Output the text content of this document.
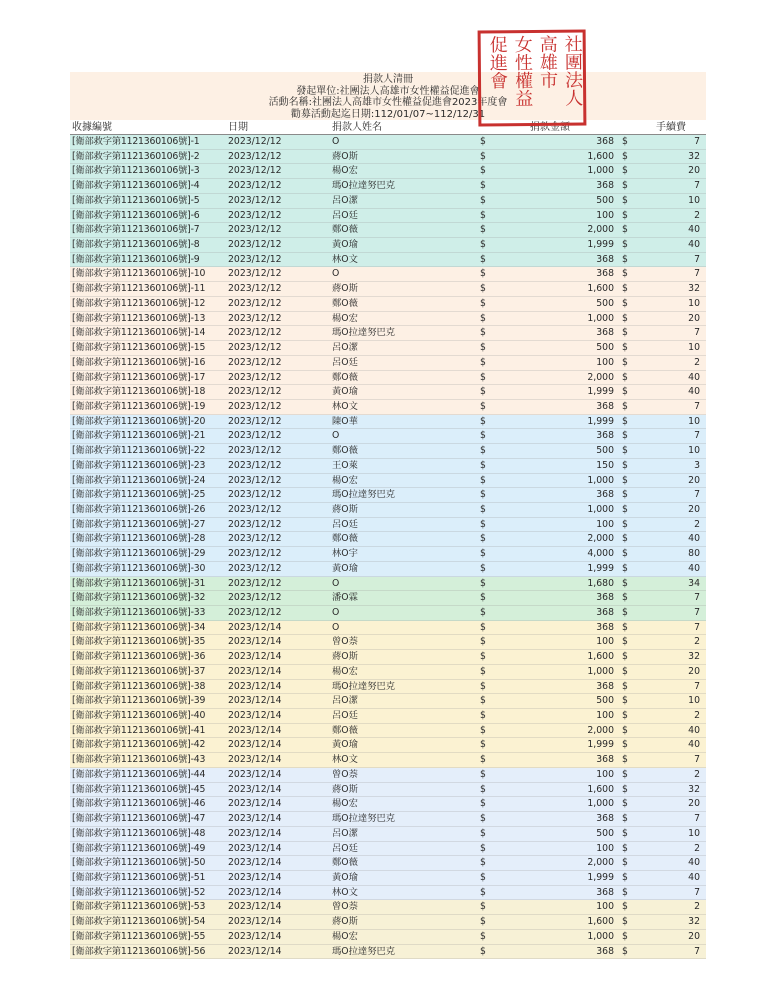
捐款人清冊
發起單位:社團法人高雄市女性權益促進會
活動名稱:社團法人高雄市女性權益促進會2023年度會
勸募活動起迄日期:112/01/07~112/12/31
收據編號	日期	捐款人姓名	捐款金額	手續費
[衛部救字第1121360106號]-1	2023/12/12	O	$	368 $	7
[衛部救字第1121360106號]-2	2023/12/12	蔣O斯	$	1,600 $	32
[衛部救字第1121360106號]-3	2023/12/12	楊O宏	$	1,000 $	20
[衛部救字第1121360106號]-4	2023/12/12	瑪O拉達努巴克	$	368 $	7
[衛部救字第1121360106號]-5	2023/12/12	呂O潔	$	500 $	10
[衛部救字第1121360106號]-6	2023/12/12	呂O廷	$	100 $	2
[衛部救字第1121360106號]-7	2023/12/12	鄭O薇	$	2,000 $	40
[衛部救字第1121360106號]-8	2023/12/12	黃O瑜	$	1,999 $	40
[衛部救字第1121360106號]-9	2023/12/12	林O文	$	368 $	7
[衛部救字第1121360106號]-10 2023/12/12	O	$	368 $	7
[衛部救字第1121360106號]-11 2023/12/12	蔣O斯	$	1,600 $	32
[衛部救字第1121360106號]-12 2023/12/12	鄭O薇	$	500 $	10
[衛部救字第1121360106號]-13 2023/12/12	楊O宏	$	1,000 $	20
[衛部救字第1121360106號]-14 2023/12/12	瑪O拉達努巴克	$	368 $	7
[衛部救字第1121360106號]-15 2023/12/12	呂O潔	$	500 $	10
[衛部救字第1121360106號]-16 2023/12/12	呂O廷	$	100 $	2
[衛部救字第1121360106號]-17 2023/12/12	鄭O薇	$	2,000 $	40
[衛部救字第1121360106號]-18 2023/12/12	黃O瑜	$	1,999 $	40
[衛部救字第1121360106號]-19 2023/12/12	林O文	$	368 $	7
[衛部救字第1121360106號]-20 2023/12/12	陳O華	$	1,999 $	10
[衛部救字第1121360106號]-21 2023/12/12	O	$	368 $	7
[衛部救字第1121360106號]-22 2023/12/12	鄭O薇	$	500 $	10
[衛部救字第1121360106號]-23 2023/12/12	王O萊	$	150 $	3
[衛部救字第1121360106號]-24 2023/12/12	楊O宏	$	1,000 $	20
[衛部救字第1121360106號]-25 2023/12/12	瑪O拉達努巴克	$	368 $	7
[衛部救字第1121360106號]-26 2023/12/12	蔣O斯	$	1,000 $	20
[衛部救字第1121360106號]-27 2023/12/12	呂O廷	$	100 $	2
[衛部救字第1121360106號]-28 2023/12/12	鄭O薇	$	2,000 $	40
[衛部救字第1121360106號]-29 2023/12/12	林O宇	$	4,000 $	80
[衛部救字第1121360106號]-30 2023/12/12	黃O瑜	$	1,999 $	40
[衛部救字第1121360106號]-31 2023/12/12	O	$	1,680 $	34
[衛部救字第1121360106號]-32 2023/12/12	潘O霖	$	368 $	7
[衛部救字第1121360106號]-33 2023/12/12	O	$	368 $	7
[衛部救字第1121360106號]-34 2023/12/14	O	$	368 $	7
[衛部救字第1121360106號]-35 2023/12/14	曾O萘	$	100 $	2
[衛部救字第1121360106號]-36 2023/12/14	蔣O斯	$	1,600 $	32
[衛部救字第1121360106號]-37 2023/12/14	楊O宏	$	1,000 $	20
[衛部救字第1121360106號]-38 2023/12/14	瑪O拉達努巴克	$	368 $	7
[衛部救字第1121360106號]-39 2023/12/14	呂O潔	$	500 $	10
[衛部救字第1121360106號]-40 2023/12/14	呂O廷	$	100 $	2
[衛部救字第1121360106號]-41 2023/12/14	鄭O薇	$	2,000 $	40
[衛部救字第1121360106號]-42 2023/12/14	黃O瑜	$	1,999 $	40
[衛部救字第1121360106號]-43 2023/12/14	林O文	$	368 $	7
[衛部救字第1121360106號]-44 2023/12/14	曾O萘	$	100 $	2
[衛部救字第1121360106號]-45 2023/12/14	蔣O斯	$	1,600 $	32
[衛部救字第1121360106號]-46 2023/12/14	楊O宏	$	1,000 $	20
[衛部救字第1121360106號]-47 2023/12/14	瑪O拉達努巴克	$	368 $	7
[衛部救字第1121360106號]-48 2023/12/14	呂O潔	$	500 $	10
[衛部救字第1121360106號]-49 2023/12/14	呂O廷	$	100 $	2
[衛部救字第1121360106號]-50 2023/12/14	鄭O薇	$	2,000 $	40
[衛部救字第1121360106號]-51 2023/12/14	黃O瑜	$	1,999 $	40
[衛部救字第1121360106號]-52 2023/12/14	林O文	$	368 $	7
[衛部救字第1121360106號]-53 2023/12/14	曾O萘	$	100 $	2
[衛部救字第1121360106號]-54 2023/12/14	蔣O斯	$	1,600 $	32
[衛部救字第1121360106號]-55 2023/12/14	楊O宏	$	1,000 $	20
[衛部救字第1121360106號]-56 2023/12/14	瑪O拉達努巴克	$	368 $	7
社團法人
高雄市
女性權益
促進會
